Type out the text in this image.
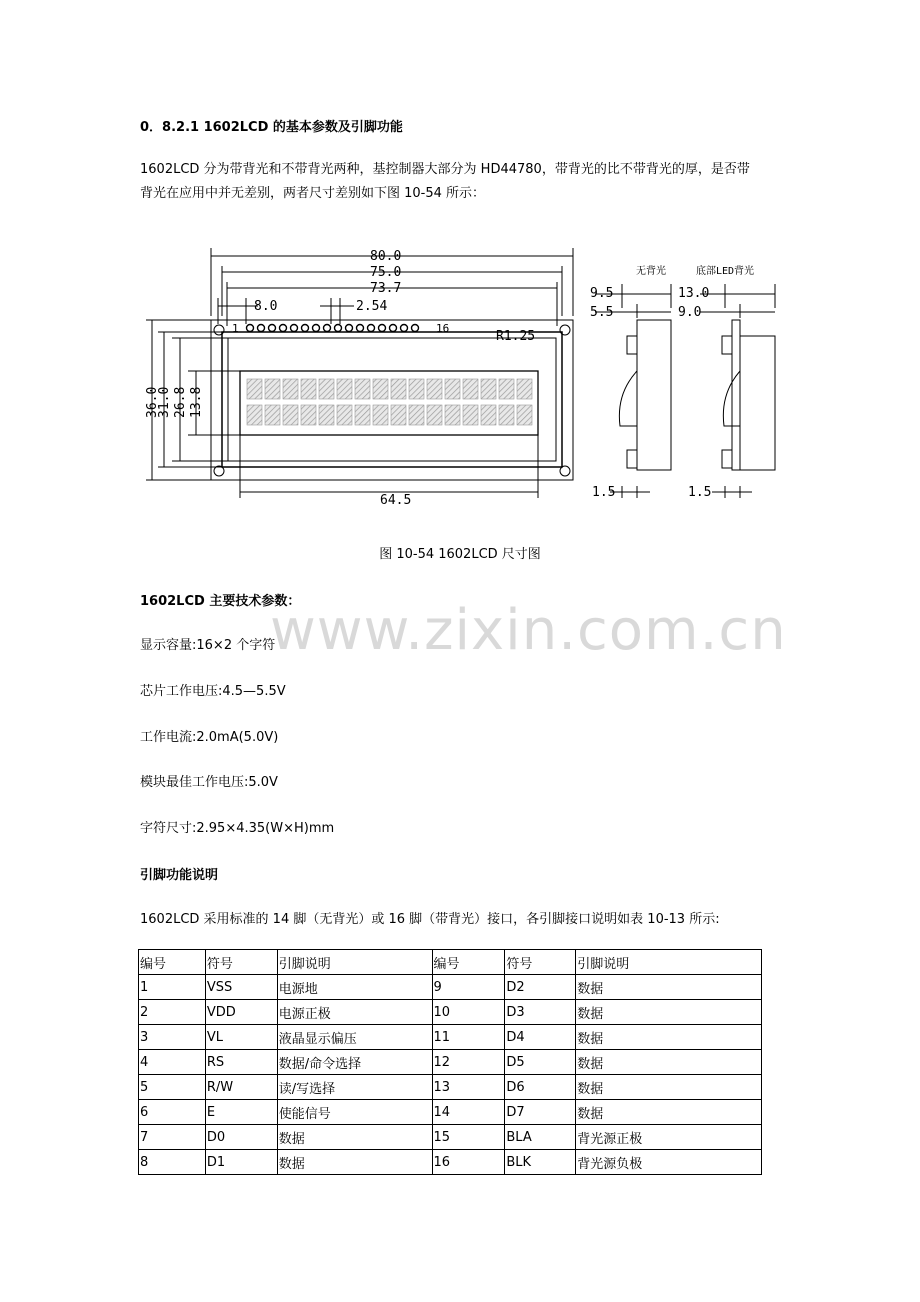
0．8.2.1 1602LCD 的基本参数及引脚功能
1602LCD 分为带背光和不带背光两种，基控制器大部分为 HD44780，带背光的比不带背光的厚，是否带
背光在应用中并无差别，两者尺寸差别如下图 10-54 所示：
80.0
75.0
73.7
8.0	2.54
1	16
R1.25
64.5
36.0
31.0 26.8 13.8
无背光	底部LED背光
9.5
5.5
13.0
9.0
1.5	1.5
图 10-54 1602LCD 尺寸图
www.zixin.com.cn
1602LCD 主要技术参数：
显示容量:16×2 个字符
芯片工作电压:4.5—5.5V
工作电流:2.0mA(5.0V)
模块最佳工作电压:5.0V
字符尺寸:2.95×4.35(W×H)mm
引脚功能说明
1602LCD 采用标准的 14 脚（无背光）或 16 脚（带背光）接口，各引脚接口说明如表 10-13 所示:
编号	符号	引脚说明	编号	符号	引脚说明
1	VSS	电源地	9	D2	数据
2	VDD	电源正极	10	D3	数据
3	VL	液晶显示偏压	11	D4	数据
4	RS	数据/命令选择	12	D5	数据
5	R/W	读/写选择	13	D6	数据
6	E	使能信号	14	D7	数据
7	D0	数据	15	BLA	背光源正极
8	D1	数据	16	BLK	背光源负极
